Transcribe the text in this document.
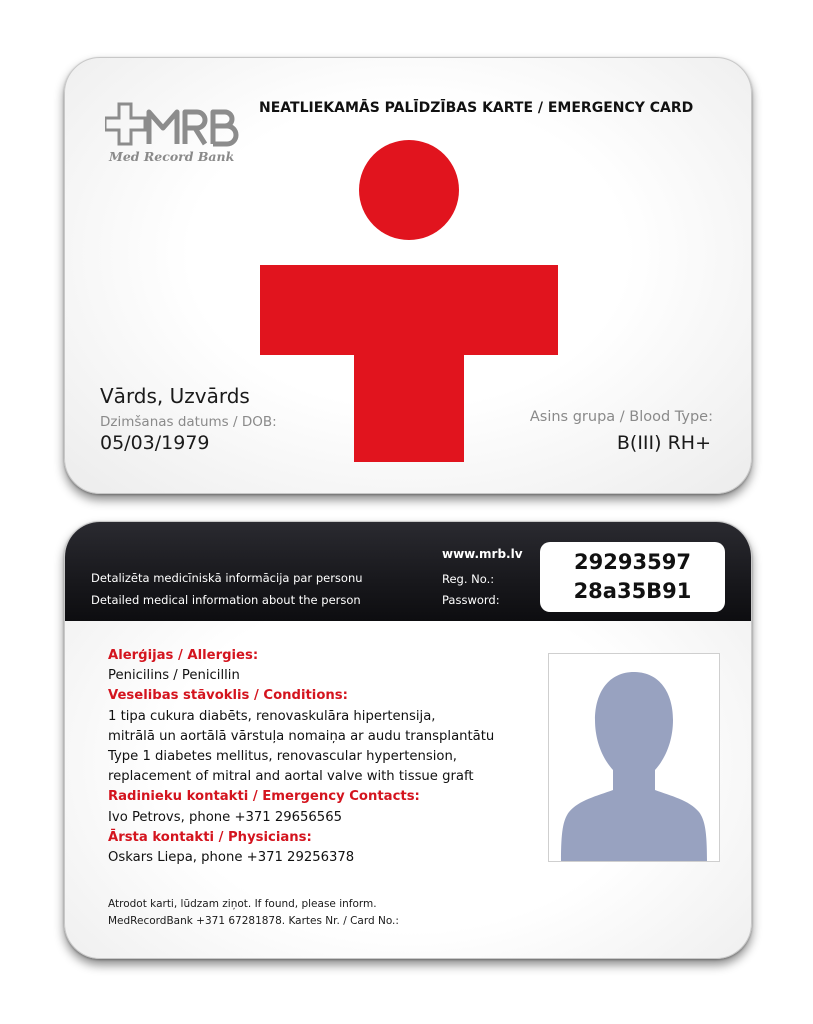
Med Record Bank
NEATLIEKAMĀS PALĪDZĪBAS KARTE / EMERGENCY CARD
Vārds, Uzvārds
Dzimšanas datums / DOB:
05/03/1979
Asins grupa / Blood Type:
B(III) RH+
Detalizēta medicīniskā informācija par personu
Detailed medical information about the person
www.mrb.lv
Reg. No.:
Password:
29293597
28a35B91
Alerģijas / Allergies:
Penicilins / Penicillin
Veselibas stāvoklis / Conditions:
1 tipa cukura diabēts, renovaskulāra hipertensija,
mitrālā un aortālā vārstuļa nomaiņa ar audu transplantātu
Type 1 diabetes mellitus, renovascular hypertension,
replacement of mitral and aortal valve with tissue graft
Radinieku kontakti / Emergency Contacts:
Ivo Petrovs, phone +371 29656565
Ārsta kontakti / Physicians:
Oskars Liepa, phone +371 29256378
Atrodot karti, lūdzam ziņot. If found, please inform.
MedRecordBank +371 67281878. Kartes Nr. / Card No.:
